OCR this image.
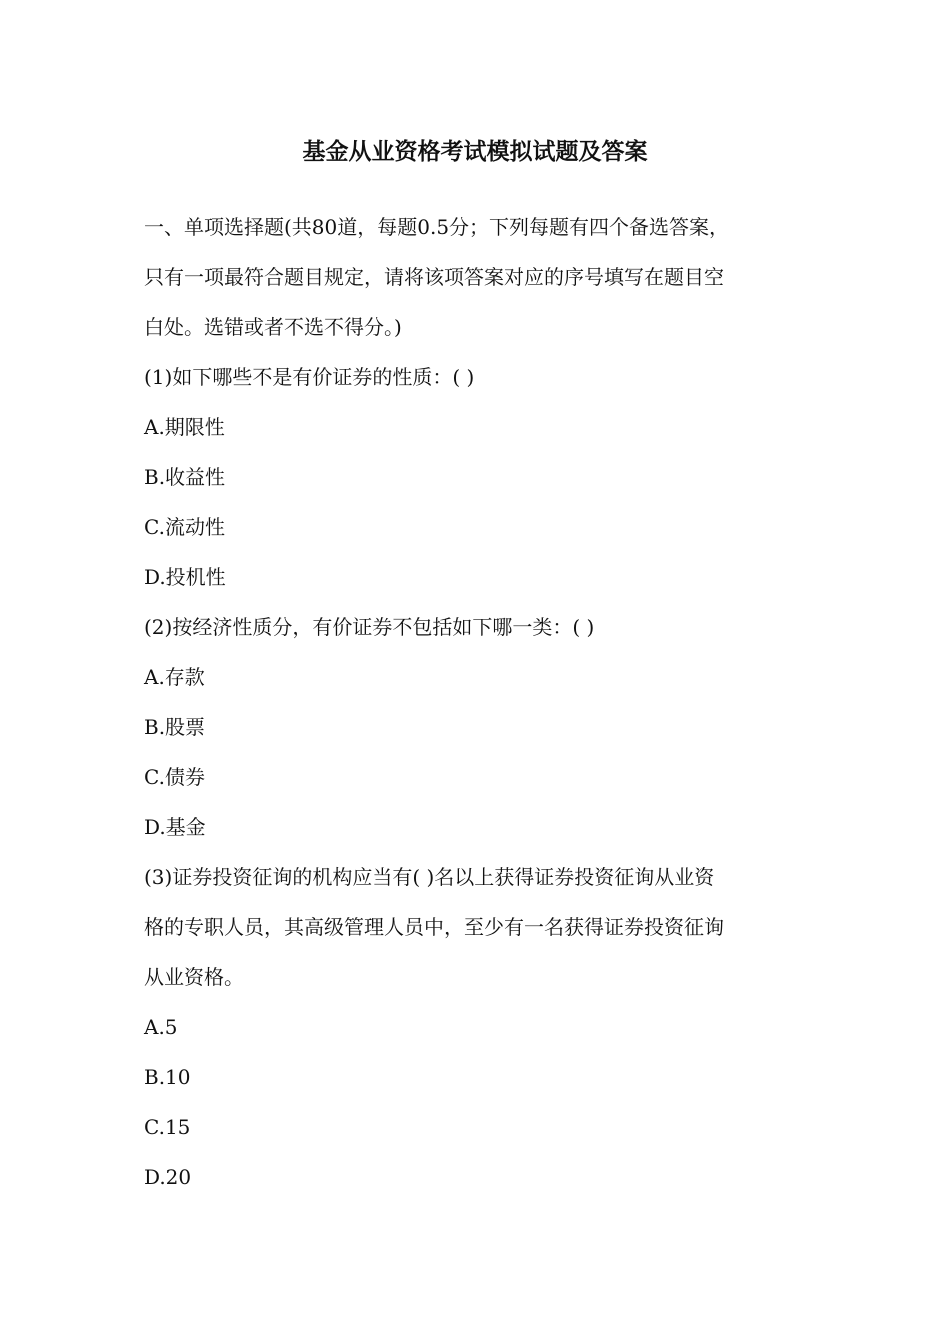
基金从业资格考试模拟试题及答案

一、单项选择题(共80道，每题0.5分；下列每题有四个备选答案，

只有一项最符合题目规定，请将该项答案对应的序号填写在题目空

白处。选错或者不选不得分。)

(1)如下哪些不是有价证券的性质：( )

A.期限性

B.收益性

C.流动性

D.投机性

(2)按经济性质分，有价证券不包括如下哪一类：( )

A.存款

B.股票

C.债券

D.基金

(3)证券投资征询的机构应当有( )名以上获得证券投资征询从业资

格的专职人员，其高级管理人员中，至少有一名获得证券投资征询

从业资格。

A.5

B.10

C.15

D.20
